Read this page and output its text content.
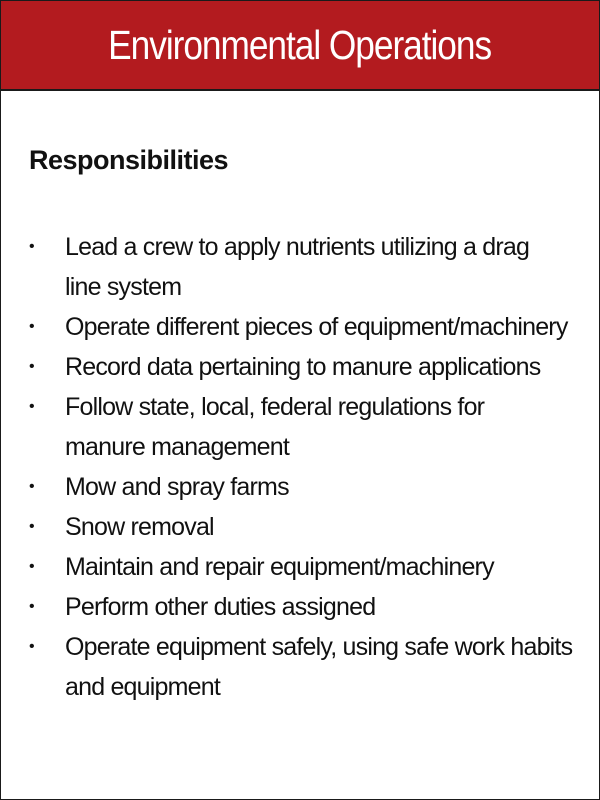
Environmental Operations
Responsibilities
•	Lead a crew to apply nutrients utilizing a drag
line system
•	Operate different pieces of equipment/machinery
•	Record data pertaining to manure applications
•	Follow state, local, federal regulations for
manure management
•	Mow and spray farms
•	Snow removal
•	Maintain and repair equipment/machinery
•	Perform other duties assigned
•	Operate equipment safely, using safe work habits
and equipment
